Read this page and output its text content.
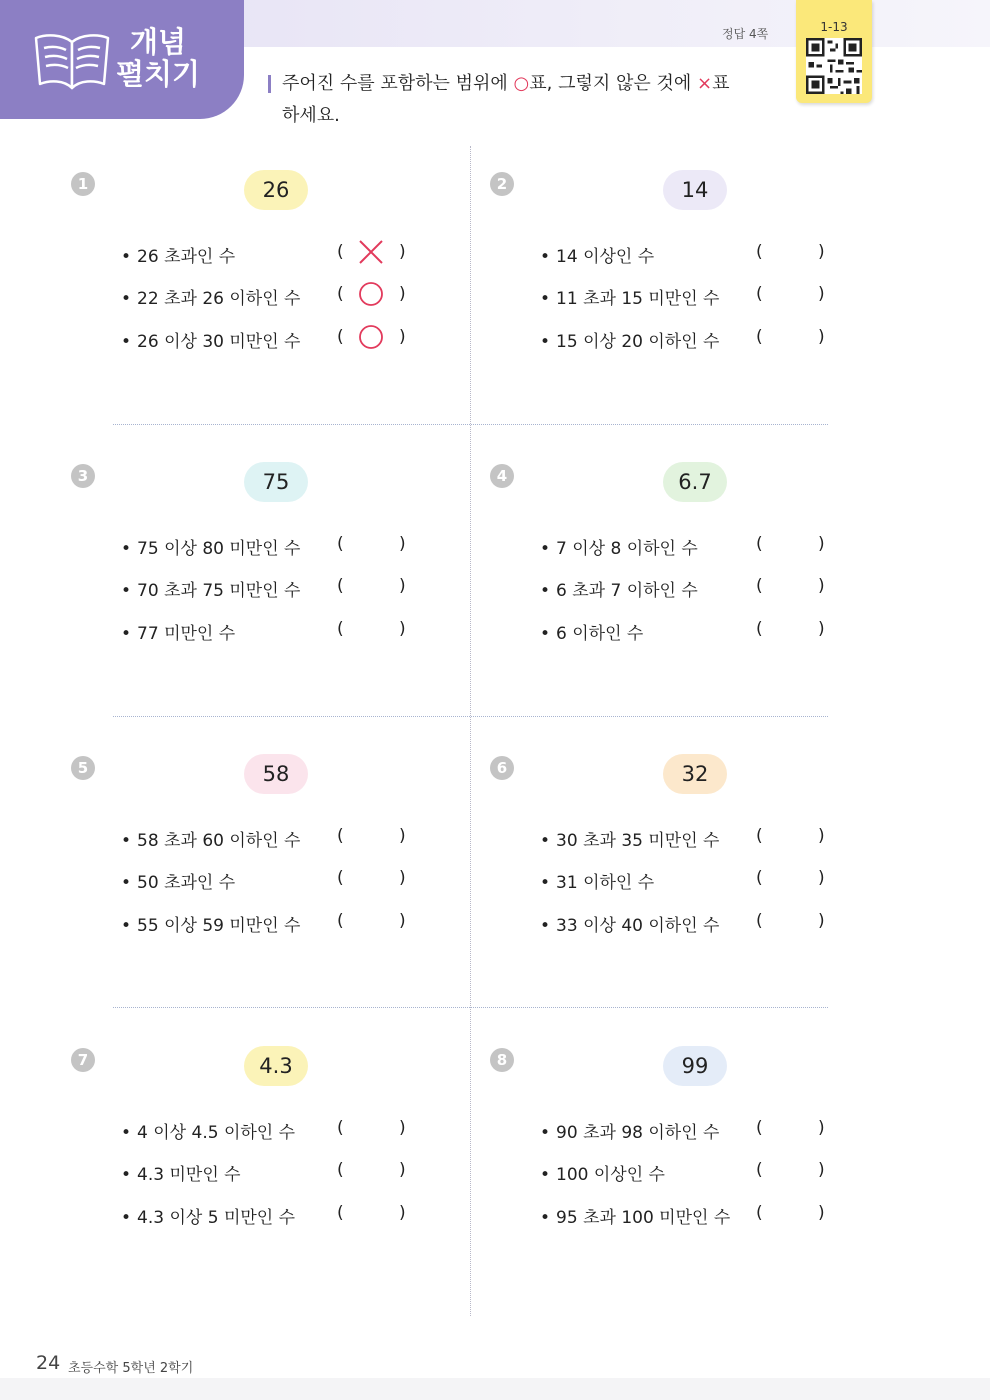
개념
펼치기
정답 4쪽	1-13
주어진 수를 포함하는 범위에 ○표, 그렇지 않은 것에 ×표
하세요.
1	26
• 26 초과인 수	(	)
• 22 초과 26 이하인 수 (	)
• 26 이상 30 미만인 수 (	)
2	14
• 14 이상인 수	(	)
• 11 초과 15 미만인 수 (	)
• 15 이상 20 이하인 수 (	)
3	75
• 75 이상 80 미만인 수 (	)
• 70 초과 75 미만인 수 (	)
• 77 미만인 수	(	)
4	6.7
• 7 이상 8 이하인 수	(	)
• 6 초과 7 이하인 수	(	)
• 6 이하인 수	(	)
5	58
• 58 초과 60 이하인 수 (	)
• 50 초과인 수	(	)
• 55 이상 59 미만인 수 (	)
6	32
• 30 초과 35 미만인 수 (	)
• 31 이하인 수	(	)
• 33 이상 40 이하인 수 (	)
7	4.3
• 4 이상 4.5 이하인 수 (	)
• 4.3 미만인 수	(	)
• 4.3 이상 5 미만인 수 (	)
8	99
• 90 초과 98 이하인 수 (	)
• 100 이상인 수	(	)
• 95 초과 100 미만인 수 (	)
24 초등수학 5학년 2학기
